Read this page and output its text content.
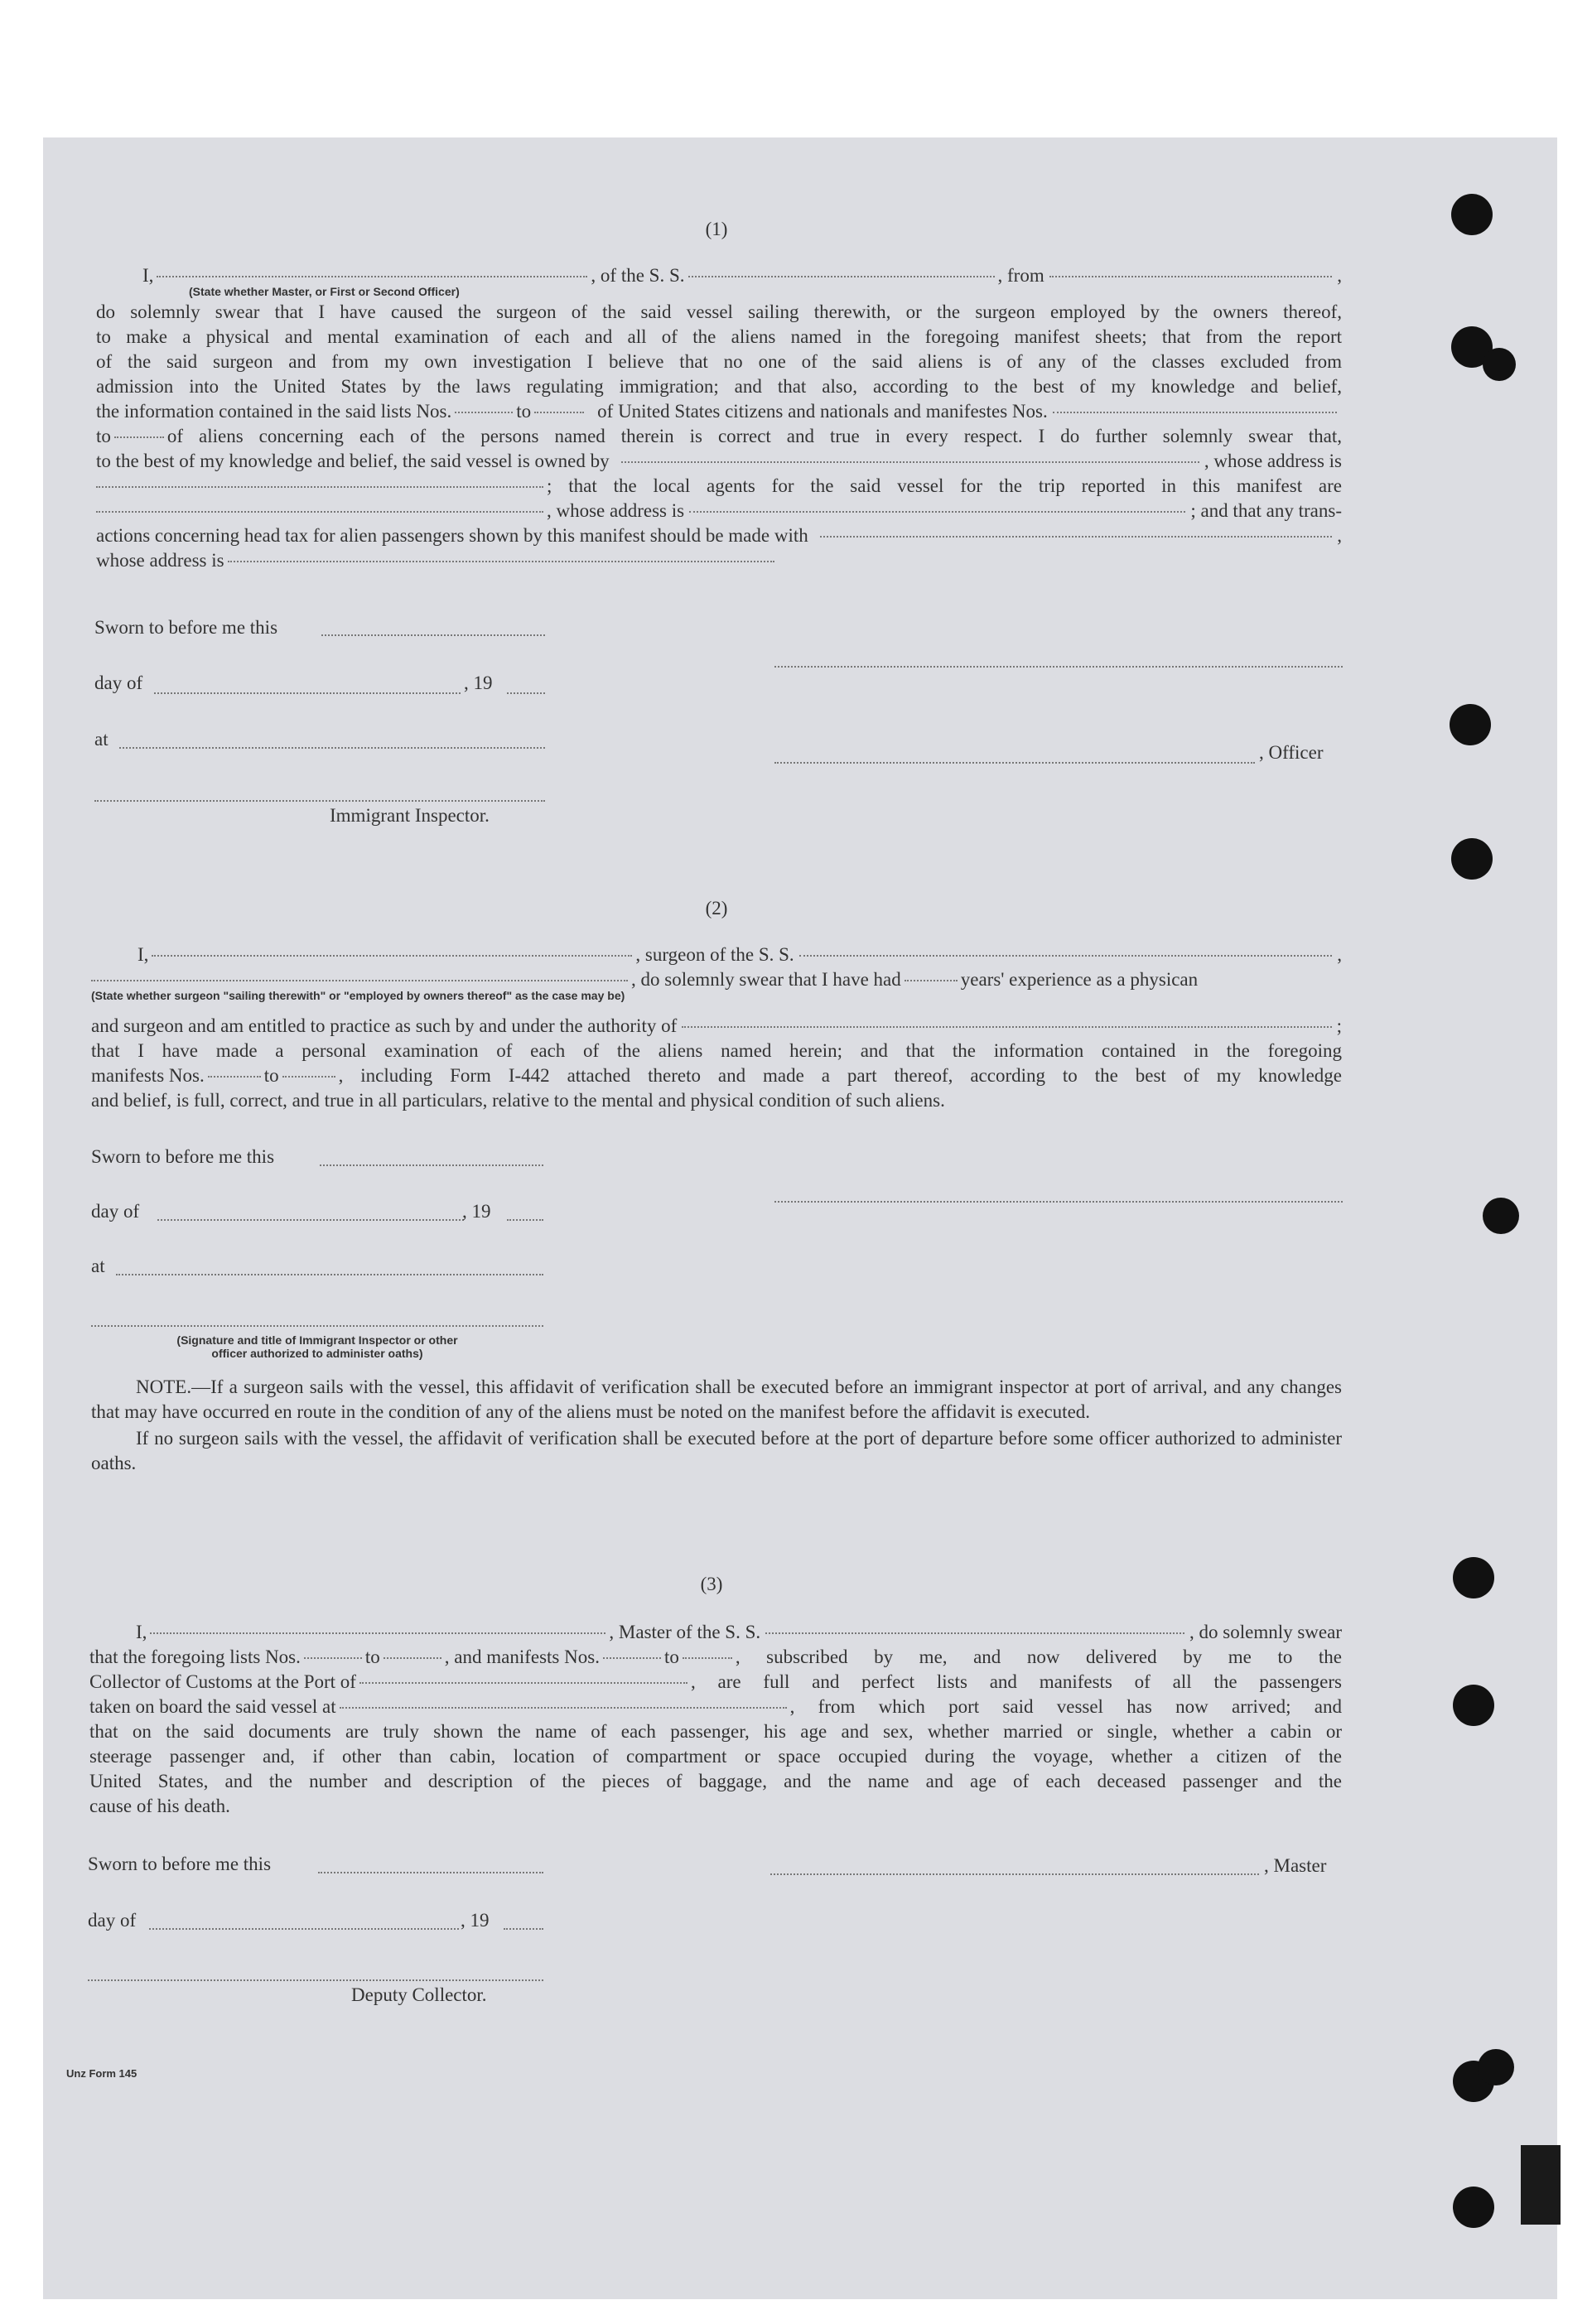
(1)
I,	, of the S. S.	, from	,
(State whether Master, or First or Second Officer)
do solemnly swear that I have caused the surgeon of the said vessel sailing therewith, or the surgeon employed by the owners thereof,
to make a physical and mental examination of each and all of the aliens named in the foregoing manifest sheets; that from the report
of the said surgeon and from my own investigation I believe that no one of the said aliens is of any of the classes excluded from
admission into the United States by the laws regulating immigration; and that also, according to the best of my knowledge and belief,
the information contained in the said lists Nos.	to	of United States citizens and nationals and manifestes Nos.
to	of aliens concerning each of the persons named therein is correct and true in every respect. I do further solemnly swear that,
to the best of my knowledge and belief, the said vessel is owned by	, whose address is
; that the local agents for the said vessel for the trip reported in this manifest are
, whose address is	; and that any trans-
actions concerning head tax for alien passengers shown by this manifest should be made with	,
whose address is
Sworn to before me this
day of	, 19
at
, Officer
Immigrant Inspector.
(2)
I,	, surgeon of the S. S.	,
, do solemnly swear that I have had	years' experience as a physican
(State whether surgeon "sailing therewith" or "employed by owners thereof" as the case may be)
and surgeon and am entitled to practice as such by and under the authority of	;
that I have made a personal examination of each of the aliens named herein; and that the information contained in the foregoing
manifests Nos.	to	, including Form I-442 attached thereto and made a part thereof, according to the best of my knowledge
and belief, is full, correct, and true in all particulars, relative to the mental and physical condition of such aliens.
Sworn to before me this
day of	, 19
at
(Signature and title of Immigrant Inspector or other
officer authorized to administer oaths)
NOTE.—If a surgeon sails with the vessel, this affidavit of verification shall be executed before an immigrant inspector at port of arrival, and any changes that may have occurred en route in the condition of any of the aliens must be noted on the manifest before the affidavit is executed.
If no surgeon sails with the vessel, the affidavit of verification shall be executed before at the port of departure before some officer authorized to administer oaths.
(3)
I,	, Master of the S. S.	, do solemnly swear
that the foregoing lists Nos.	to	, and manifests Nos.	to	, subscribed by me, and now delivered by me to the
Collector of Customs at the Port of	, are full and perfect lists and manifests of all the passengers
taken on board the said vessel at	, from which port said vessel has now arrived; and
that on the said documents are truly shown the name of each passenger, his age and sex, whether married or single, whether a cabin or
steerage passenger and, if other than cabin, location of compartment or space occupied during the voyage, whether a citizen of the
United States, and the number and description of the pieces of baggage, and the name and age of each deceased passenger and the
cause of his death.
Sworn to before me this	, Master
day of	, 19
Deputy Collector.
Unz Form 145
